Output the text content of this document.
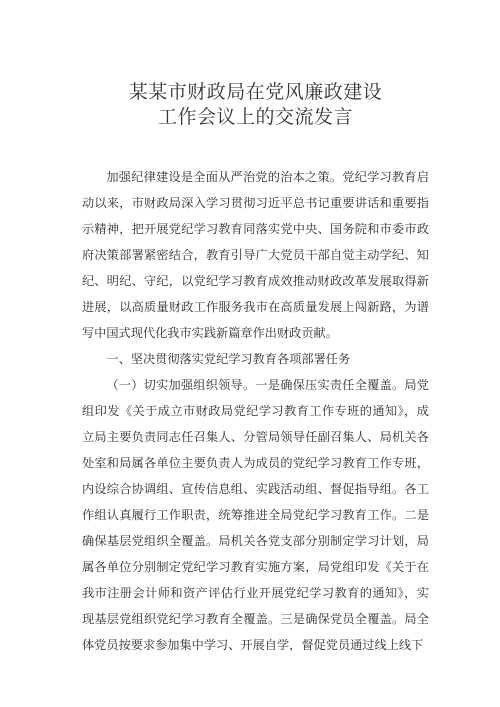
某某市财政局在党风廉政建设
工作会议上的交流发言

加强纪律建设是全面从严治党的治本之策。党纪学习教育启动以来，市财政局深入学习贯彻习近平总书记重要讲话和重要指示精神，把开展党纪学习教育同落实党中央、国务院和市委市政府决策部署紧密结合，教育引导广大党员干部自觉主动学纪、知纪、明纪、守纪，以党纪学习教育成效推动财政改革发展取得新进展，以高质量财政工作服务我市在高质量发展上闯新路，为谱写中国式现代化我市实践新篇章作出财政贡献。

一、坚决贯彻落实党纪学习教育各项部署任务

（一）切实加强组织领导。一是确保压实责任全覆盖。局党组印发《关于成立市财政局党纪学习教育工作专班的通知》，成立局主要负责同志任召集人、分管局领导任副召集人、局机关各处室和局属各单位主要负责人为成员的党纪学习教育工作专班，内设综合协调组、宣传信息组、实践活动组、督促指导组。各工作组认真履行工作职责，统筹推进全局党纪学习教育工作。二是确保基层党组织全覆盖。局机关各党支部分别制定学习计划，局属各单位分别制定党纪学习教育实施方案，局党组印发《关于在我市注册会计师和资产评估行业开展党纪学习教育的通知》，实现基层党组织党纪学习教育全覆盖。三是确保党员全覆盖。局全体党员按要求参加集中学习、开展自学，督促党员通过线上线下
